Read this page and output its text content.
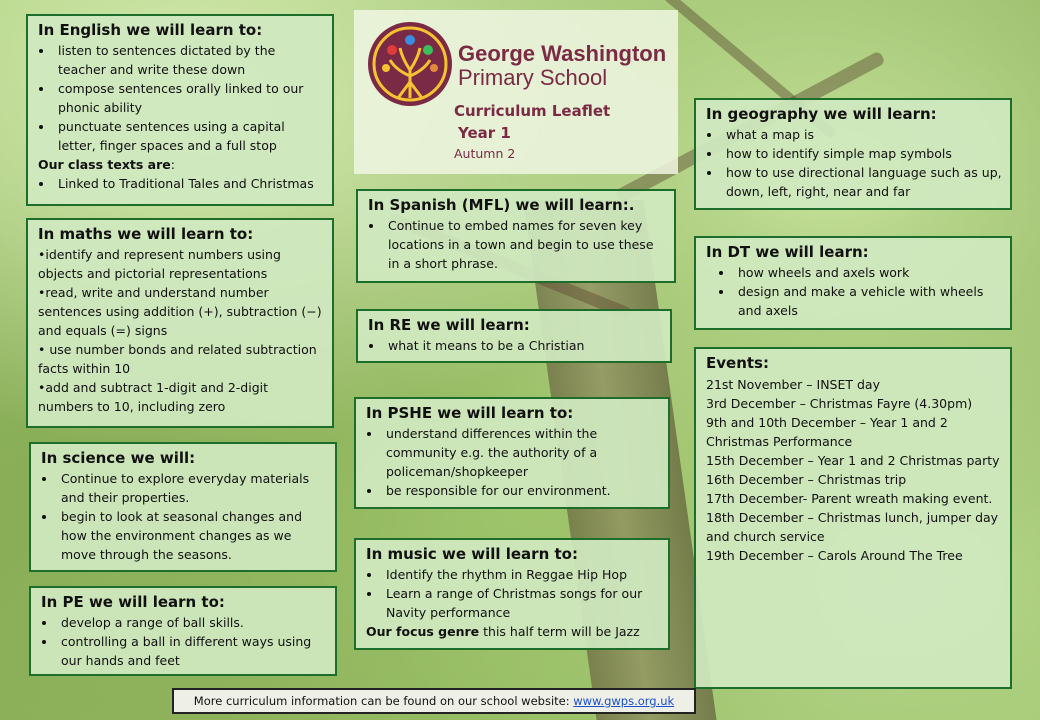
George Washington
Primary School
Curriculum Leaflet
Year 1
Autumn 2
In English we will learn to:
• listen to sentences dictated by the teacher and write these down
• compose sentences orally linked to our phonic ability
• punctuate sentences using a capital letter, finger spaces and a full stop

Our class texts are:

• Linked to Traditional Tales and Christmas
In maths we will learn to:

•identify and represent numbers using objects and pictorial representations

•read, write and understand number sentences using addition (+), subtraction (−) and equals (=) signs

• use number bonds and related subtraction facts within 10

•add and subtract 1-digit and 2-digit numbers to 10, including zero

In science we will:
• Continue to explore everyday materials and their properties.
• begin to look at seasonal changes and how the environment changes as we move through the seasons.
In PE we will learn to:
• develop a range of ball skills.
• controlling a ball in different ways using our hands and feet
In Spanish (MFL) we will learn:.
• Continue to embed names for seven key locations in a town and begin to use these in a short phrase.
In RE we will learn:
• what it means to be a Christian
In PSHE we will learn to:
• understand differences within the community e.g. the authority of a policeman/shopkeeper
• be responsible for our environment.
In music we will learn to:
• Identify the rhythm in Reggae Hip Hop
• Learn a range of Christmas songs for our Navity performance

Our focus genre this half term will be Jazz

In geography we will learn:
• what a map is
• how to identify simple map symbols
• how to use directional language such as up, down, left, right, near and far
In DT we will learn:
• how wheels and axels work
• design and make a vehicle with wheels and axels
Events:

21st November – INSET day

3rd December – Christmas Fayre (4.30pm)

9th and 10th December – Year 1 and 2 Christmas Performance

15th December – Year 1 and 2 Christmas party

16th December – Christmas trip

17th December- Parent wreath making event.

18th December – Christmas lunch, jumper day and church service

19th December – Carols Around The Tree

More curriculum information can be found on our school website: www.gwps.org.uk
